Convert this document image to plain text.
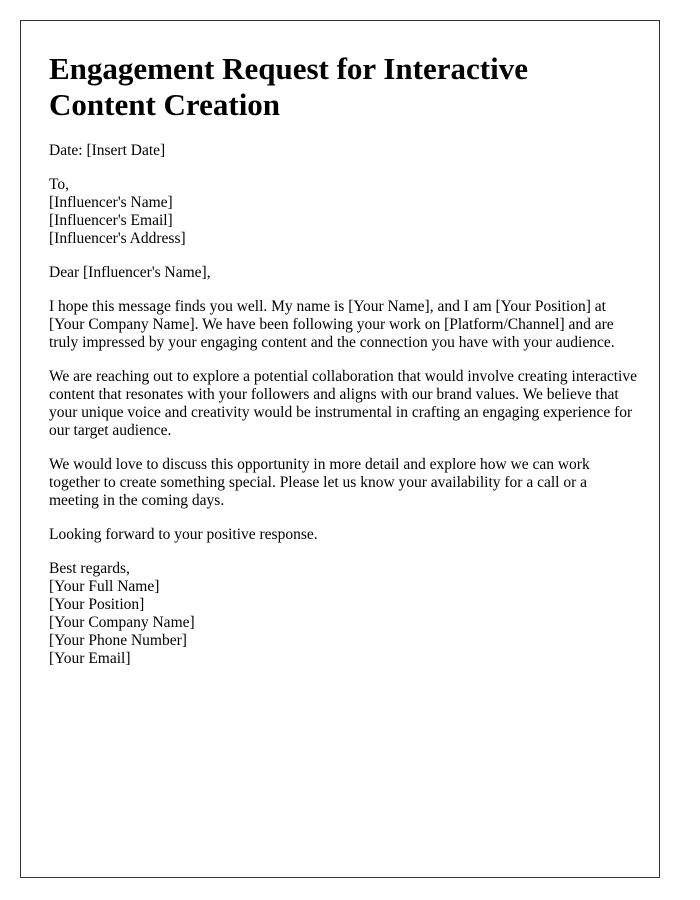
Engagement Request for Interactive Content Creation
Date: [Insert Date]
To,
[Influencer's Name]
[Influencer's Email]
[Influencer's Address]
Dear [Influencer's Name],

I hope this message finds you well. My name is [Your Name], and I am [Your Position] at [Your Company Name]. We have been following your work on [Platform/Channel] and are truly impressed by your engaging content and the connection you have with your audience.

We are reaching out to explore a potential collaboration that would involve creating interactive content that resonates with your followers and aligns with our brand values. We believe that your unique voice and creativity would be instrumental in crafting an engaging experience for our target audience.

We would love to discuss this opportunity in more detail and explore how we can work together to create something special. Please let us know your availability for a call or a meeting in the coming days.

Looking forward to your positive response.

Best regards,
[Your Full Name]
[Your Position]
[Your Company Name]
[Your Phone Number]
[Your Email]
